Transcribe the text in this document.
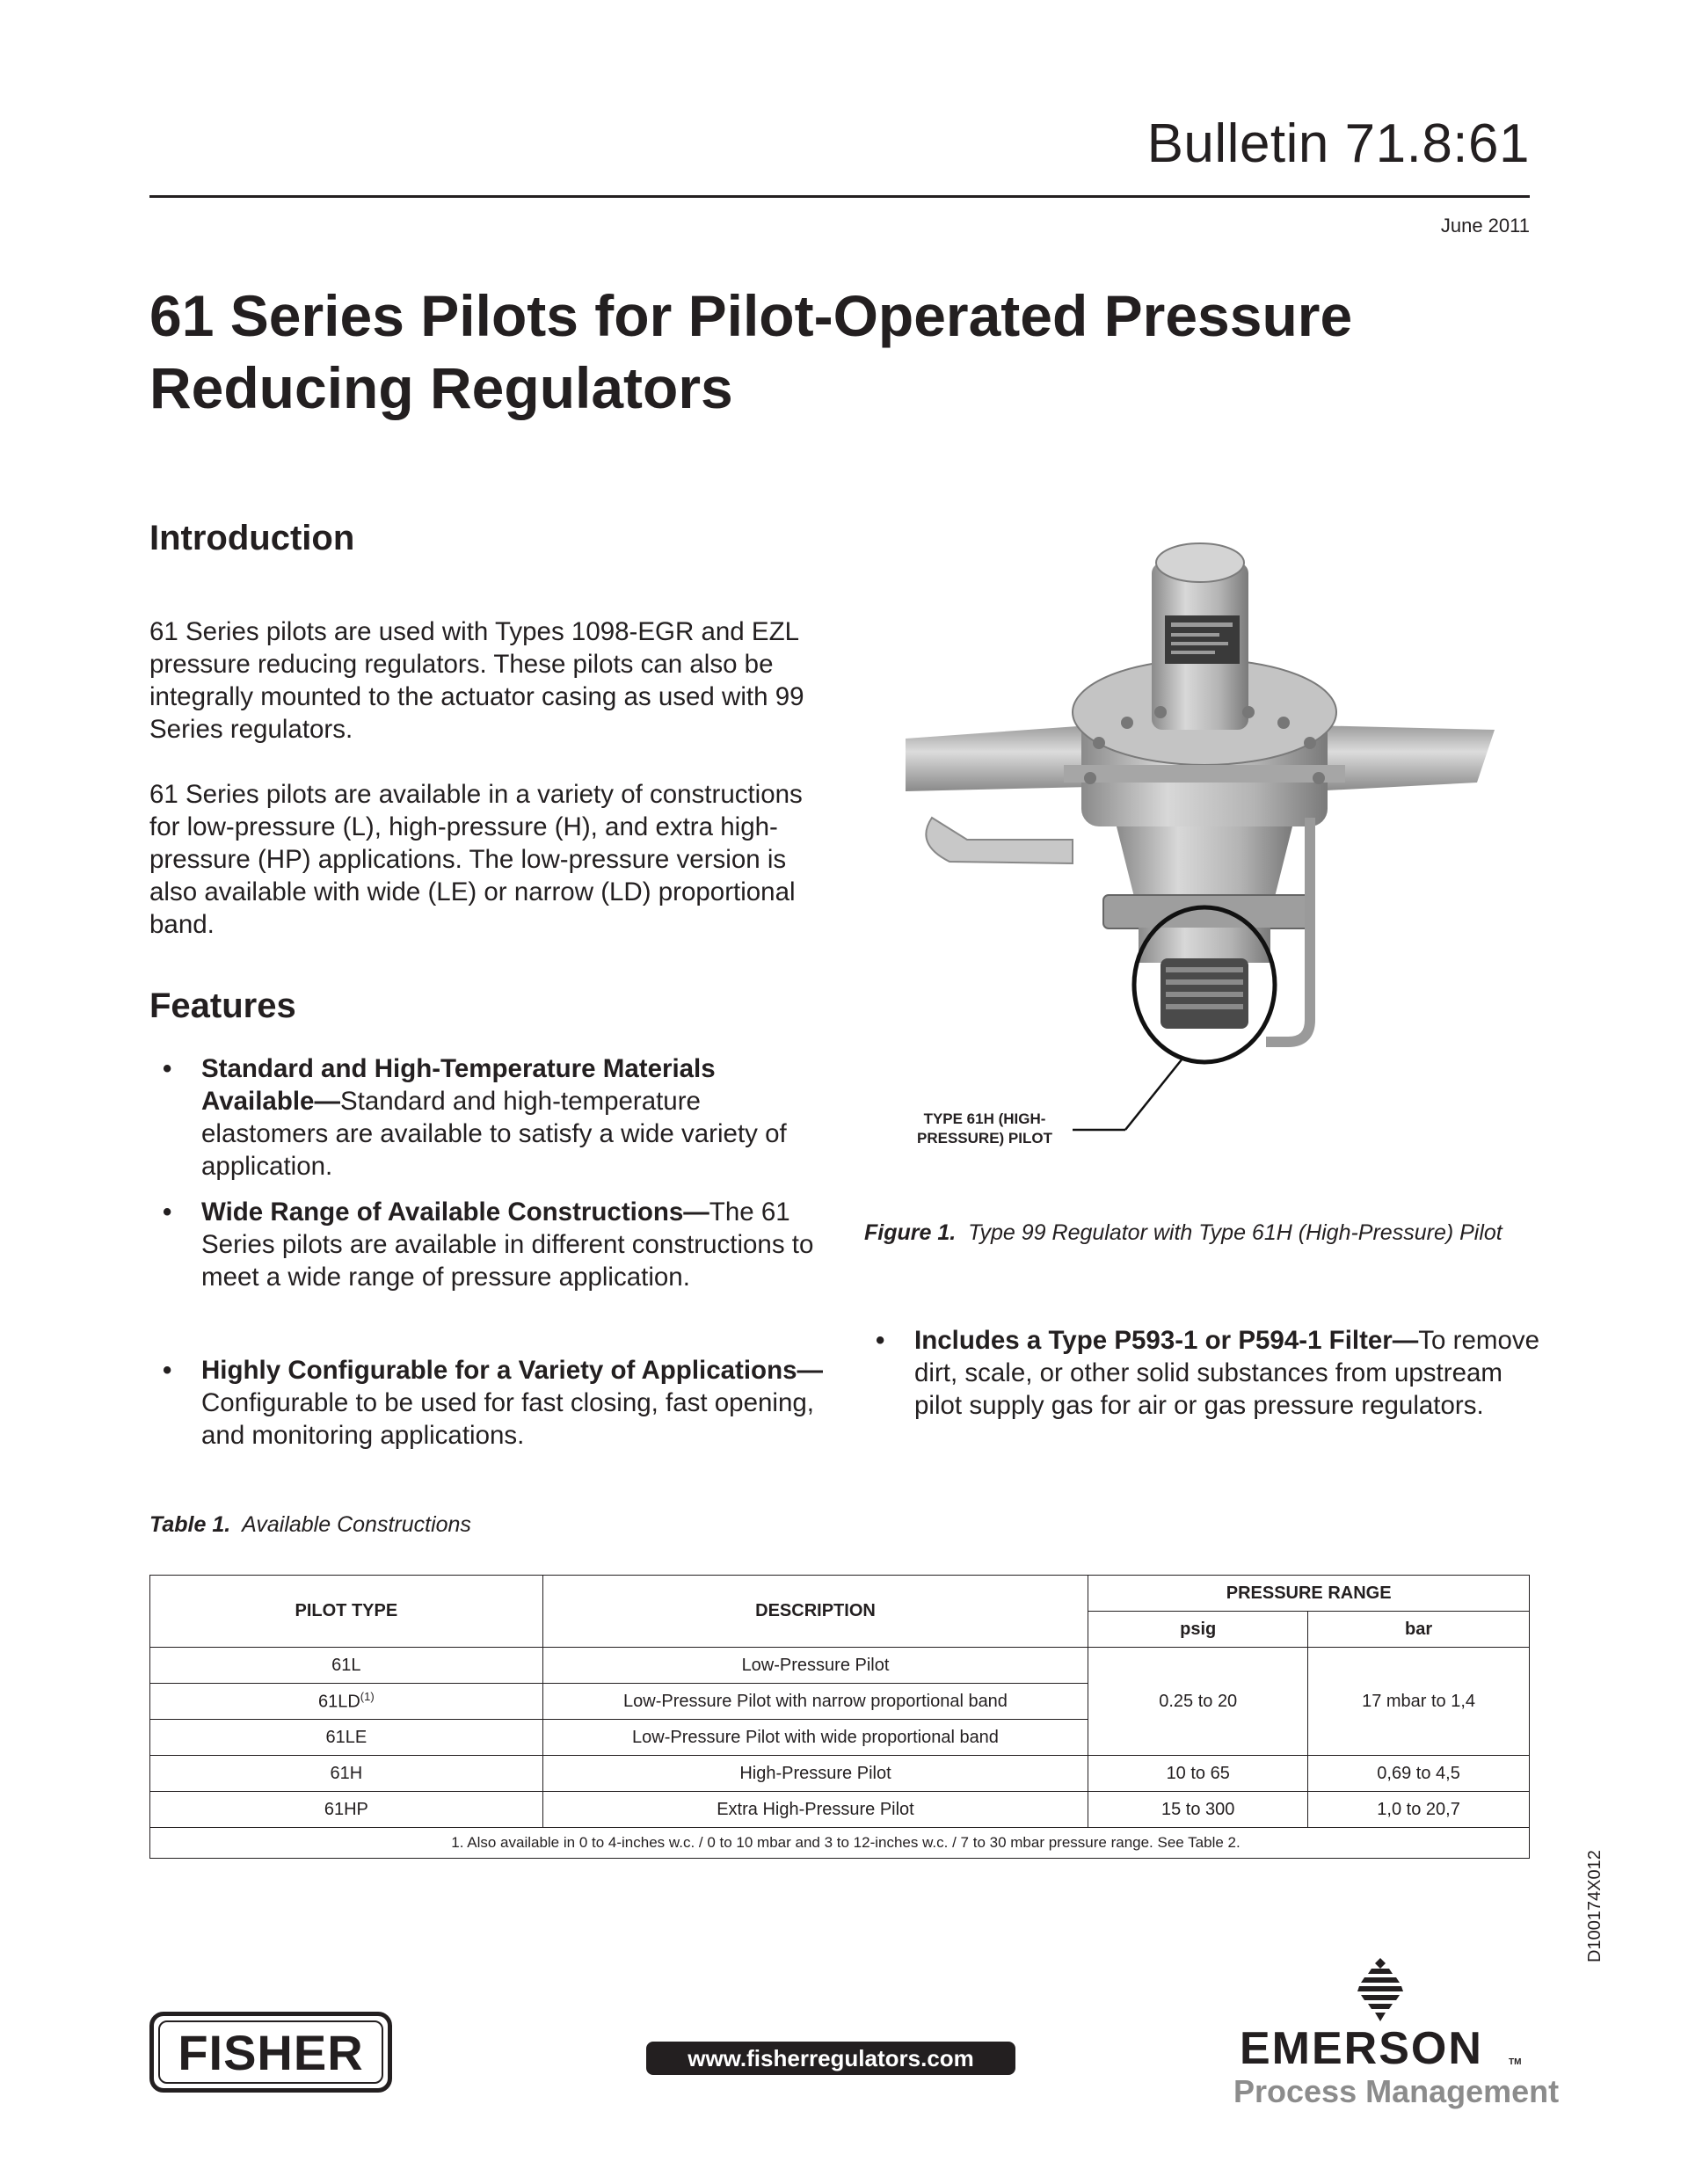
Bulletin 71.8:61
June 2011
61 Series Pilots for Pilot-Operated Pressure Reducing Regulators
Introduction

61 Series pilots are used with Types 1098-EGR and EZL pressure reducing regulators. These pilots can also be integrally mounted to the actuator casing as used with 99 Series regulators.

61 Series pilots are available in a variety of constructions for low-pressure (L), high-pressure (H), and extra high-pressure (HP) applications. The low-pressure version is also available with wide (LE) or narrow (LD) proportional band.

Features
•	Standard and High-Temperature Materials Available—Standard and high-temperature elastomers are available to satisfy a wide variety of application.
•	Wide Range of Available Constructions—The 61 Series pilots are available in different constructions to meet a wide range of pressure application.
•	Highly Configurable for a Variety of Applications—Configurable to be used for fast closing, fast opening, and monitoring applications.
•	Includes a Type P593-1 or P594-1 Filter—To remove dirt, scale, or other solid substances from upstream pilot supply gas for air or gas pressure regulators.
TYPE 61H (HIGH-PRESSURE) PILOT
Figure 1. Type 99 Regulator with Type 61H (High-Pressure) Pilot
Table 1. Available Constructions
PILOT TYPE	DESCRIPTION	PRESSURE RANGE	
		psig	bar
61L	Low-Pressure Pilot	0.25 to 20	17 mbar to 1,4
61LD$^{(1)}$	Low-Pressure Pilot with narrow proportional band		
61LE	Low-Pressure Pilot with wide proportional band		
61H	High-Pressure Pilot	10 to 65	0,69 to 4,5
61HP	Extra High-Pressure Pilot	15 to 300	1,0 to 20,7
1. Also available in 0 to 4-inches w.c. / 0 to 10 mbar and 3 to 12-inches w.c. / 7 to 30 mbar pressure range. See Table 2.			
D100174X012
FISHER	www.fisherregulators.com	EMERSON	TM
Process Management
